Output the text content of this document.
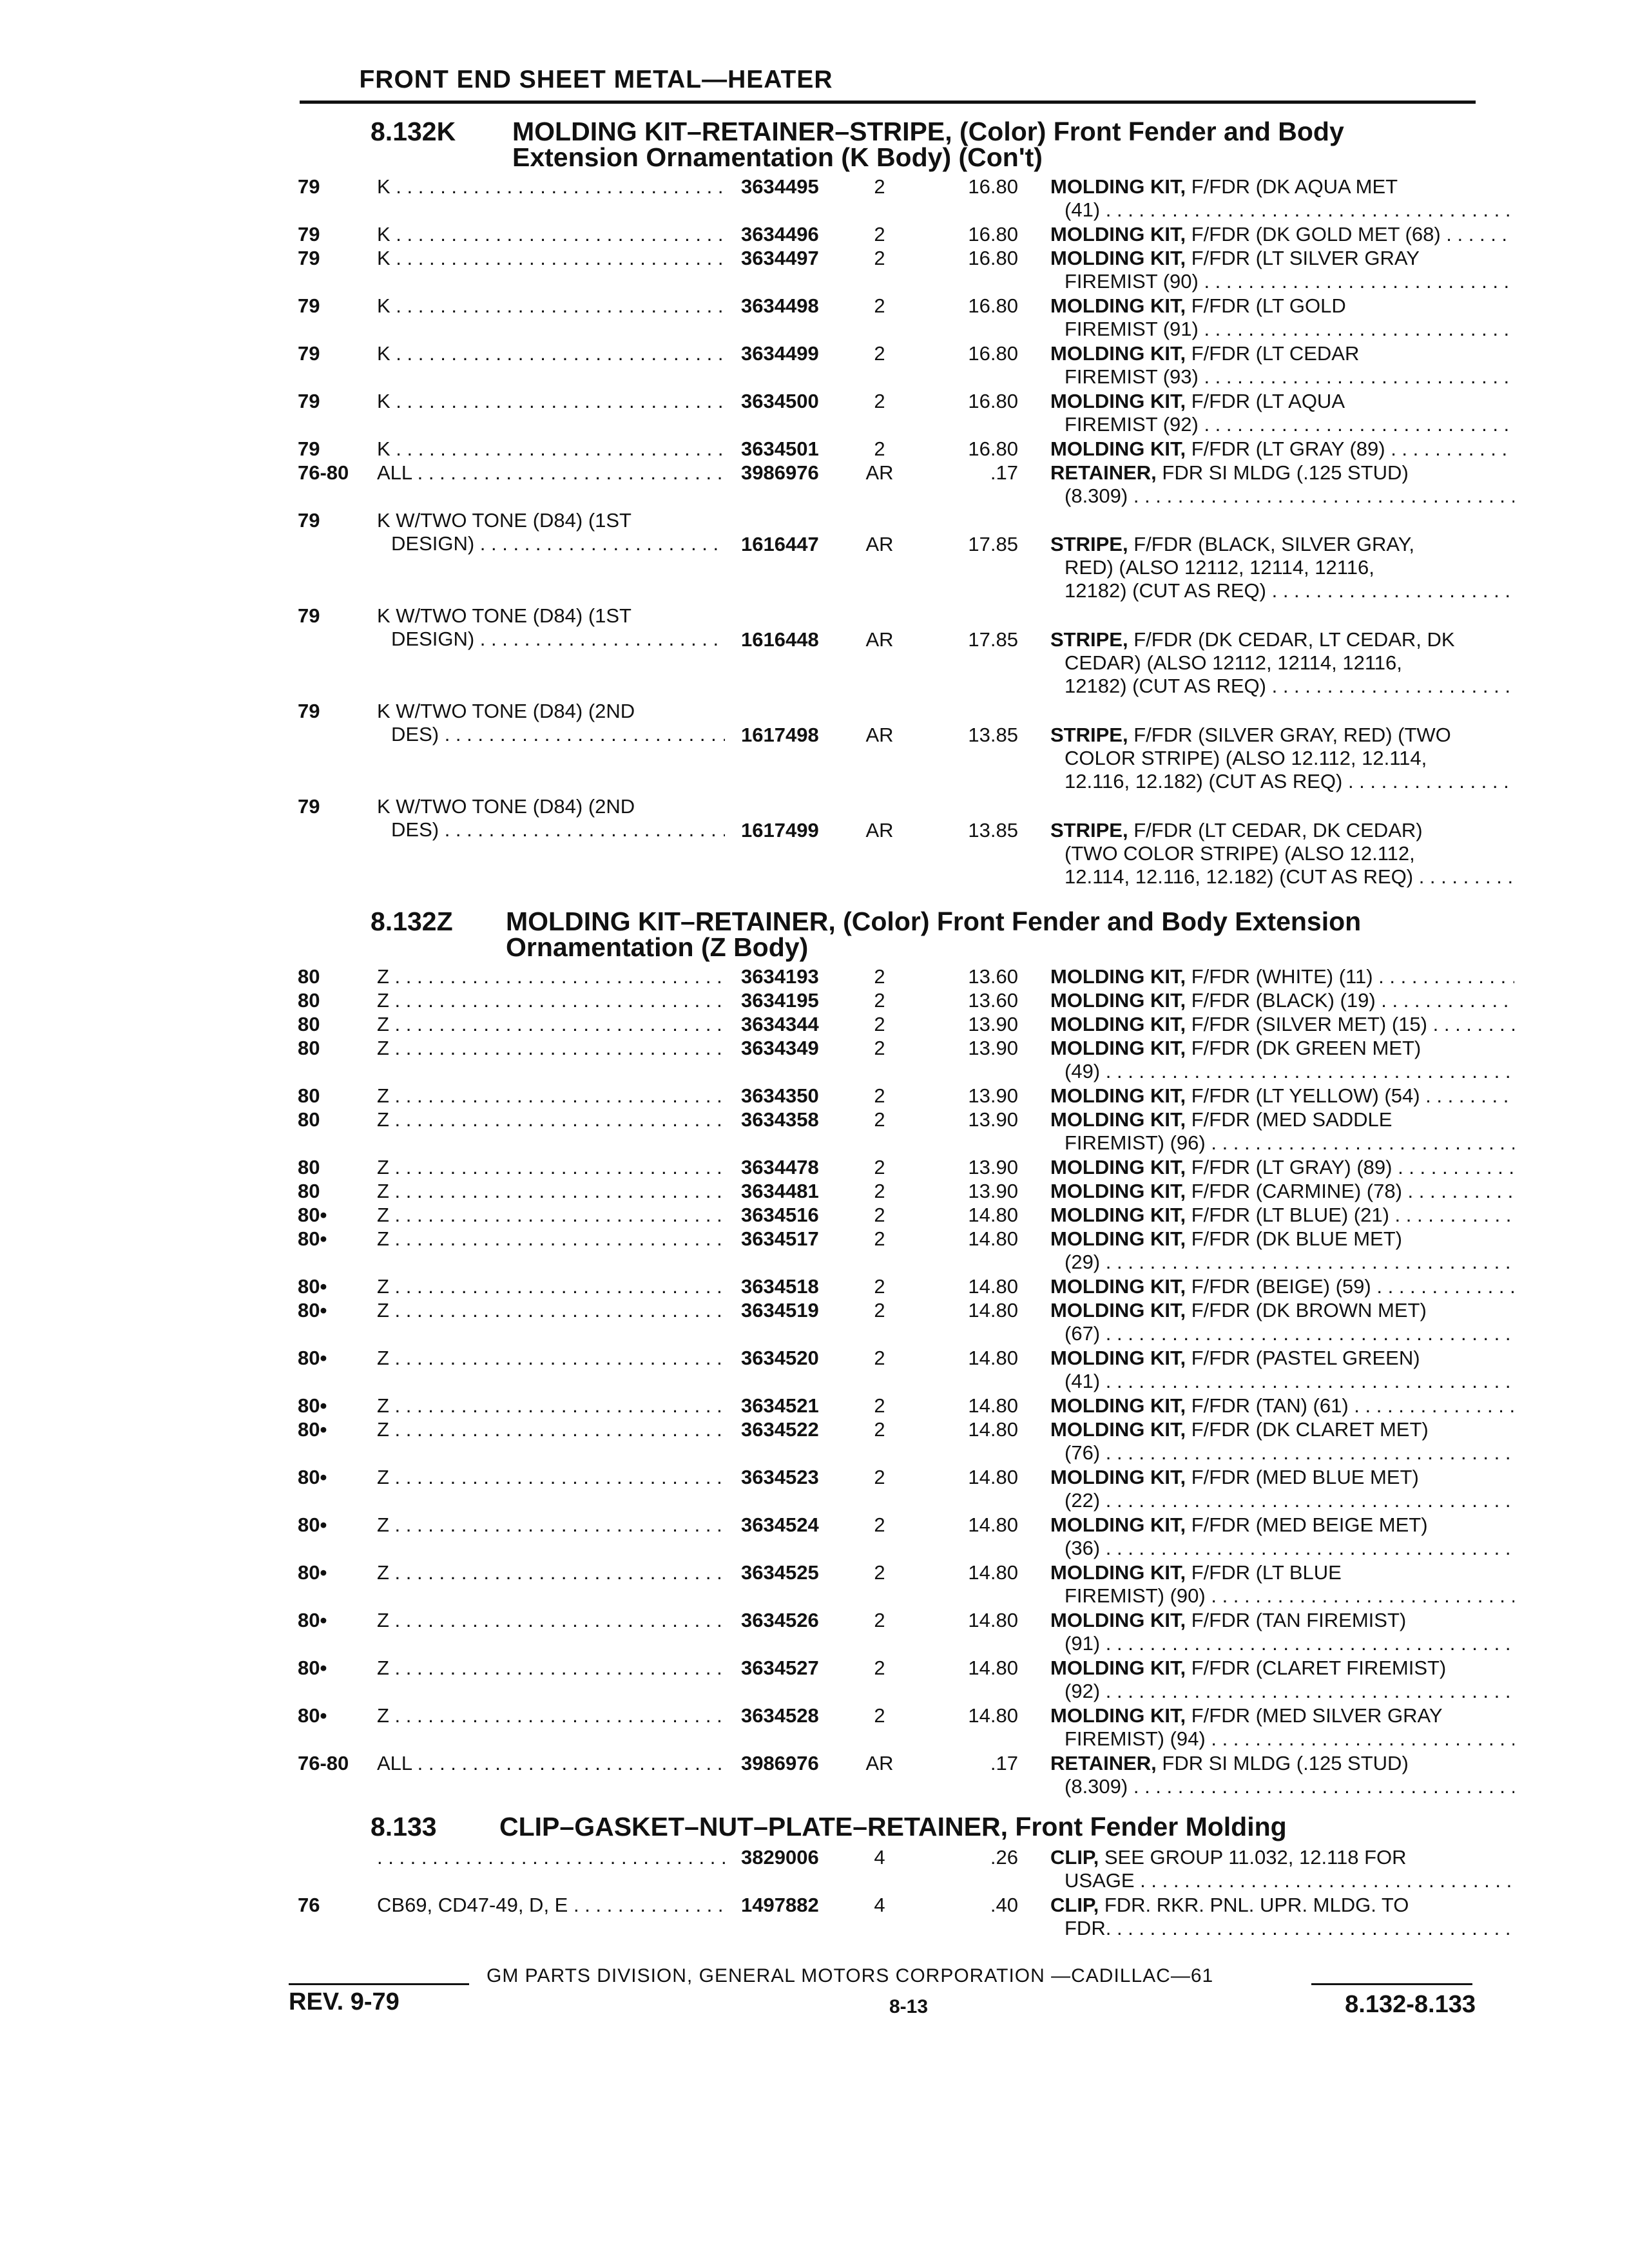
FRONT END SHEET METAL—HEATER
8.132K MOLDING KIT–RETAINER–STRIPE, (Color) Front Fender and Body
Extension Ornamentation (K Body) (Con't)
79	K . . .	3634495	2	16.80 MOLDING KIT, F/FDR (DK AQUA MET
(41) . . .
79	K . . .	3634496	2	16.80 MOLDING KIT, F/FDR (DK GOLD MET (68) . . .
79	K . . .	3634497	2	16.80 MOLDING KIT, F/FDR (LT SILVER GRAY
FIREMIST (90) . . .
79	K . . .	3634498	2	16.80 MOLDING KIT, F/FDR (LT GOLD
FIREMIST (91) . . .
79	K . . .	3634499	2	16.80 MOLDING KIT, F/FDR (LT CEDAR
FIREMIST (93) . . .
79	K . . .	3634500	2	16.80 MOLDING KIT, F/FDR (LT AQUA
FIREMIST (92) . . .
79	K . . .	3634501	2	16.80 MOLDING KIT, F/FDR (LT GRAY (89) . . .
76-80	ALL . . .	3986976	AR	.17 RETAINER, FDR SI MLDG (.125 STUD)
(8.309) . . .
79	K W/TWO TONE (D84) (1ST
DESIGN) . . .	1616447	AR	17.85 STRIPE, F/FDR (BLACK, SILVER GRAY,
RED) (ALSO 12112, 12114, 12116,
12182) (CUT AS REQ) . . .
79	K W/TWO TONE (D84) (1ST
DESIGN) . . .	1616448	AR	17.85 STRIPE, F/FDR (DK CEDAR, LT CEDAR, DK
CEDAR) (ALSO 12112, 12114, 12116,
12182) (CUT AS REQ) . . .
79	K W/TWO TONE (D84) (2ND
DES) . . .	1617498	AR	13.85 STRIPE, F/FDR (SILVER GRAY, RED) (TWO
COLOR STRIPE) (ALSO 12.112, 12.114,
12.116, 12.182) (CUT AS REQ) . . .
79	K W/TWO TONE (D84) (2ND
DES) . . .	1617499	AR	13.85 STRIPE, F/FDR (LT CEDAR, DK CEDAR)
(TWO COLOR STRIPE) (ALSO 12.112,
12.114, 12.116, 12.182) (CUT AS REQ) . . .
8.132Z MOLDING KIT–RETAINER, (Color) Front Fender and Body Extension
Ornamentation (Z Body)
80	Z . . .	3634193	2	13.60 MOLDING KIT, F/FDR (WHITE) (11) . . .
80	Z . . .	3634195	2	13.60 MOLDING KIT, F/FDR (BLACK) (19) . . .
80	Z . . .	3634344	2	13.90 MOLDING KIT, F/FDR (SILVER MET) (15) . . .
80	Z . . .	3634349	2	13.90 MOLDING KIT, F/FDR (DK GREEN MET)
(49) . . .
80	Z . . .	3634350	2	13.90 MOLDING KIT, F/FDR (LT YELLOW) (54) . . .
80	Z . . .	3634358	2	13.90 MOLDING KIT, F/FDR (MED SADDLE
FIREMIST) (96) . . .
80	Z . . .	3634478	2	13.90 MOLDING KIT, F/FDR (LT GRAY) (89) . . .
80	Z . . .	3634481	2	13.90 MOLDING KIT, F/FDR (CARMINE) (78) . . .
80•	Z . . .	3634516	2	14.80 MOLDING KIT, F/FDR (LT BLUE) (21) . . .
80•	Z . . .	3634517	2	14.80 MOLDING KIT, F/FDR (DK BLUE MET)
(29) . . .
80•	Z . . .	3634518	2	14.80 MOLDING KIT, F/FDR (BEIGE) (59) . . .
80•	Z . . .	3634519	2	14.80 MOLDING KIT, F/FDR (DK BROWN MET)
(67) . . .
80•	Z . . .	3634520	2	14.80 MOLDING KIT, F/FDR (PASTEL GREEN)
(41) . . .
80•	Z . . .	3634521	2	14.80 MOLDING KIT, F/FDR (TAN) (61) . . .
80•	Z . . .	3634522	2	14.80 MOLDING KIT, F/FDR (DK CLARET MET)
(76) . . .
80•	Z . . .	3634523	2	14.80 MOLDING KIT, F/FDR (MED BLUE MET)
(22) . . .
80•	Z . . .	3634524	2	14.80 MOLDING KIT, F/FDR (MED BEIGE MET)
(36) . . .
80•	Z . . .	3634525	2	14.80 MOLDING KIT, F/FDR (LT BLUE
FIREMIST) (90) . . .
80•	Z . . .	3634526	2	14.80 MOLDING KIT, F/FDR (TAN FIREMIST)
(91) . . .
80•	Z . . .	3634527	2	14.80 MOLDING KIT, F/FDR (CLARET FIREMIST)
(92) . . .
80•	Z . . .	3634528	2	14.80 MOLDING KIT, F/FDR (MED SILVER GRAY
FIREMIST) (94) . . .
76-80	ALL . . .	3986976	AR	.17 RETAINER, FDR SI MLDG (.125 STUD)
(8.309) . . .
8.133 CLIP–GASKET–NUT–PLATE–RETAINER, Front Fender Molding
. . .
3829006	4	.26 CLIP, SEE GROUP 11.032, 12.118 FOR
USAGE . . .
76	CB69, CD47-49, D, E . . .	1497882	4	.40 CLIP, FDR. RKR. PNL. UPR. MLDG. TO
FDR. . . .
GM PARTS DIVISION, GENERAL MOTORS CORPORATION —CADILLAC—61
REV. 9-79	8-13	8.132-8.133
